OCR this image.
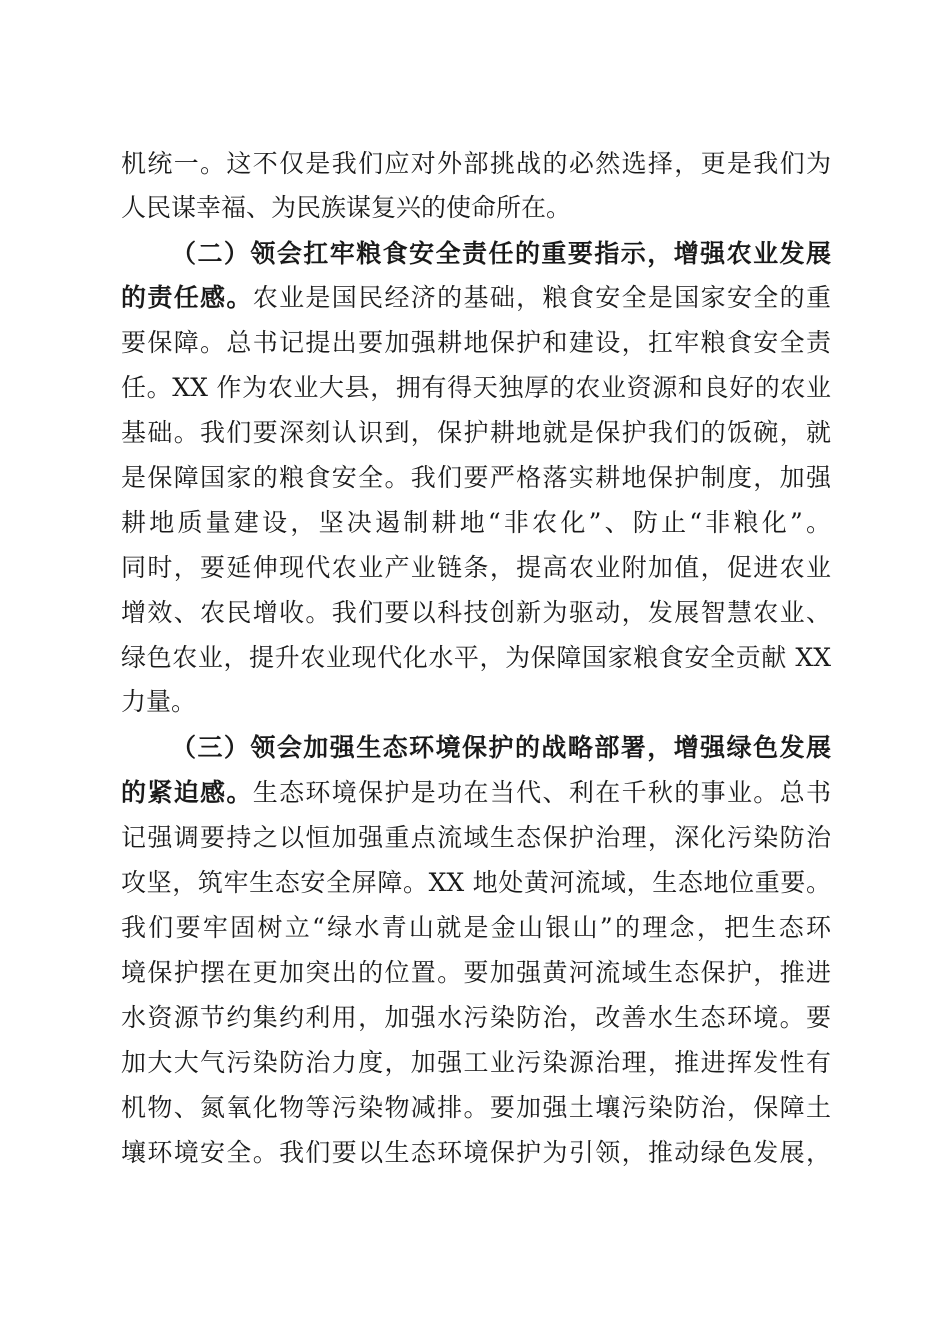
机统一。这不仅是我们应对外部挑战的必然选择，更是我们为
人民谋幸福、为民族谋复兴的使命所在。
（二）领会扛牢粮食安全责任的重要指示，增强农业发展
的责任感。农业是国民经济的基础，粮食安全是国家安全的重
要保障。总书记提出要加强耕地保护和建设，扛牢粮食安全责
任。XX 作为农业大县，拥有得天独厚的农业资源和良好的农业
基础。我们要深刻认识到，保护耕地就是保护我们的饭碗，就
是保障国家的粮食安全。我们要严格落实耕地保护制度，加强
耕地质量建设，坚决遏制耕地“非农化”、防止“非粮化”。
同时，要延伸现代农业产业链条，提高农业附加值，促进农业
增效、农民增收。我们要以科技创新为驱动，发展智慧农业、
绿色农业，提升农业现代化水平，为保障国家粮食安全贡献 XX
力量。
（三）领会加强生态环境保护的战略部署，增强绿色发展
的紧迫感。生态环境保护是功在当代、利在千秋的事业。总书
记强调要持之以恒加强重点流域生态保护治理，深化污染防治
攻坚，筑牢生态安全屏障。XX 地处黄河流域，生态地位重要。
我们要牢固树立“绿水青山就是金山银山”的理念，把生态环
境保护摆在更加突出的位置。要加强黄河流域生态保护，推进
水资源节约集约利用，加强水污染防治，改善水生态环境。要
加大大气污染防治力度，加强工业污染源治理，推进挥发性有
机物、氮氧化物等污染物减排。要加强土壤污染防治，保障土
壤环境安全。我们要以生态环境保护为引领，推动绿色发展，
